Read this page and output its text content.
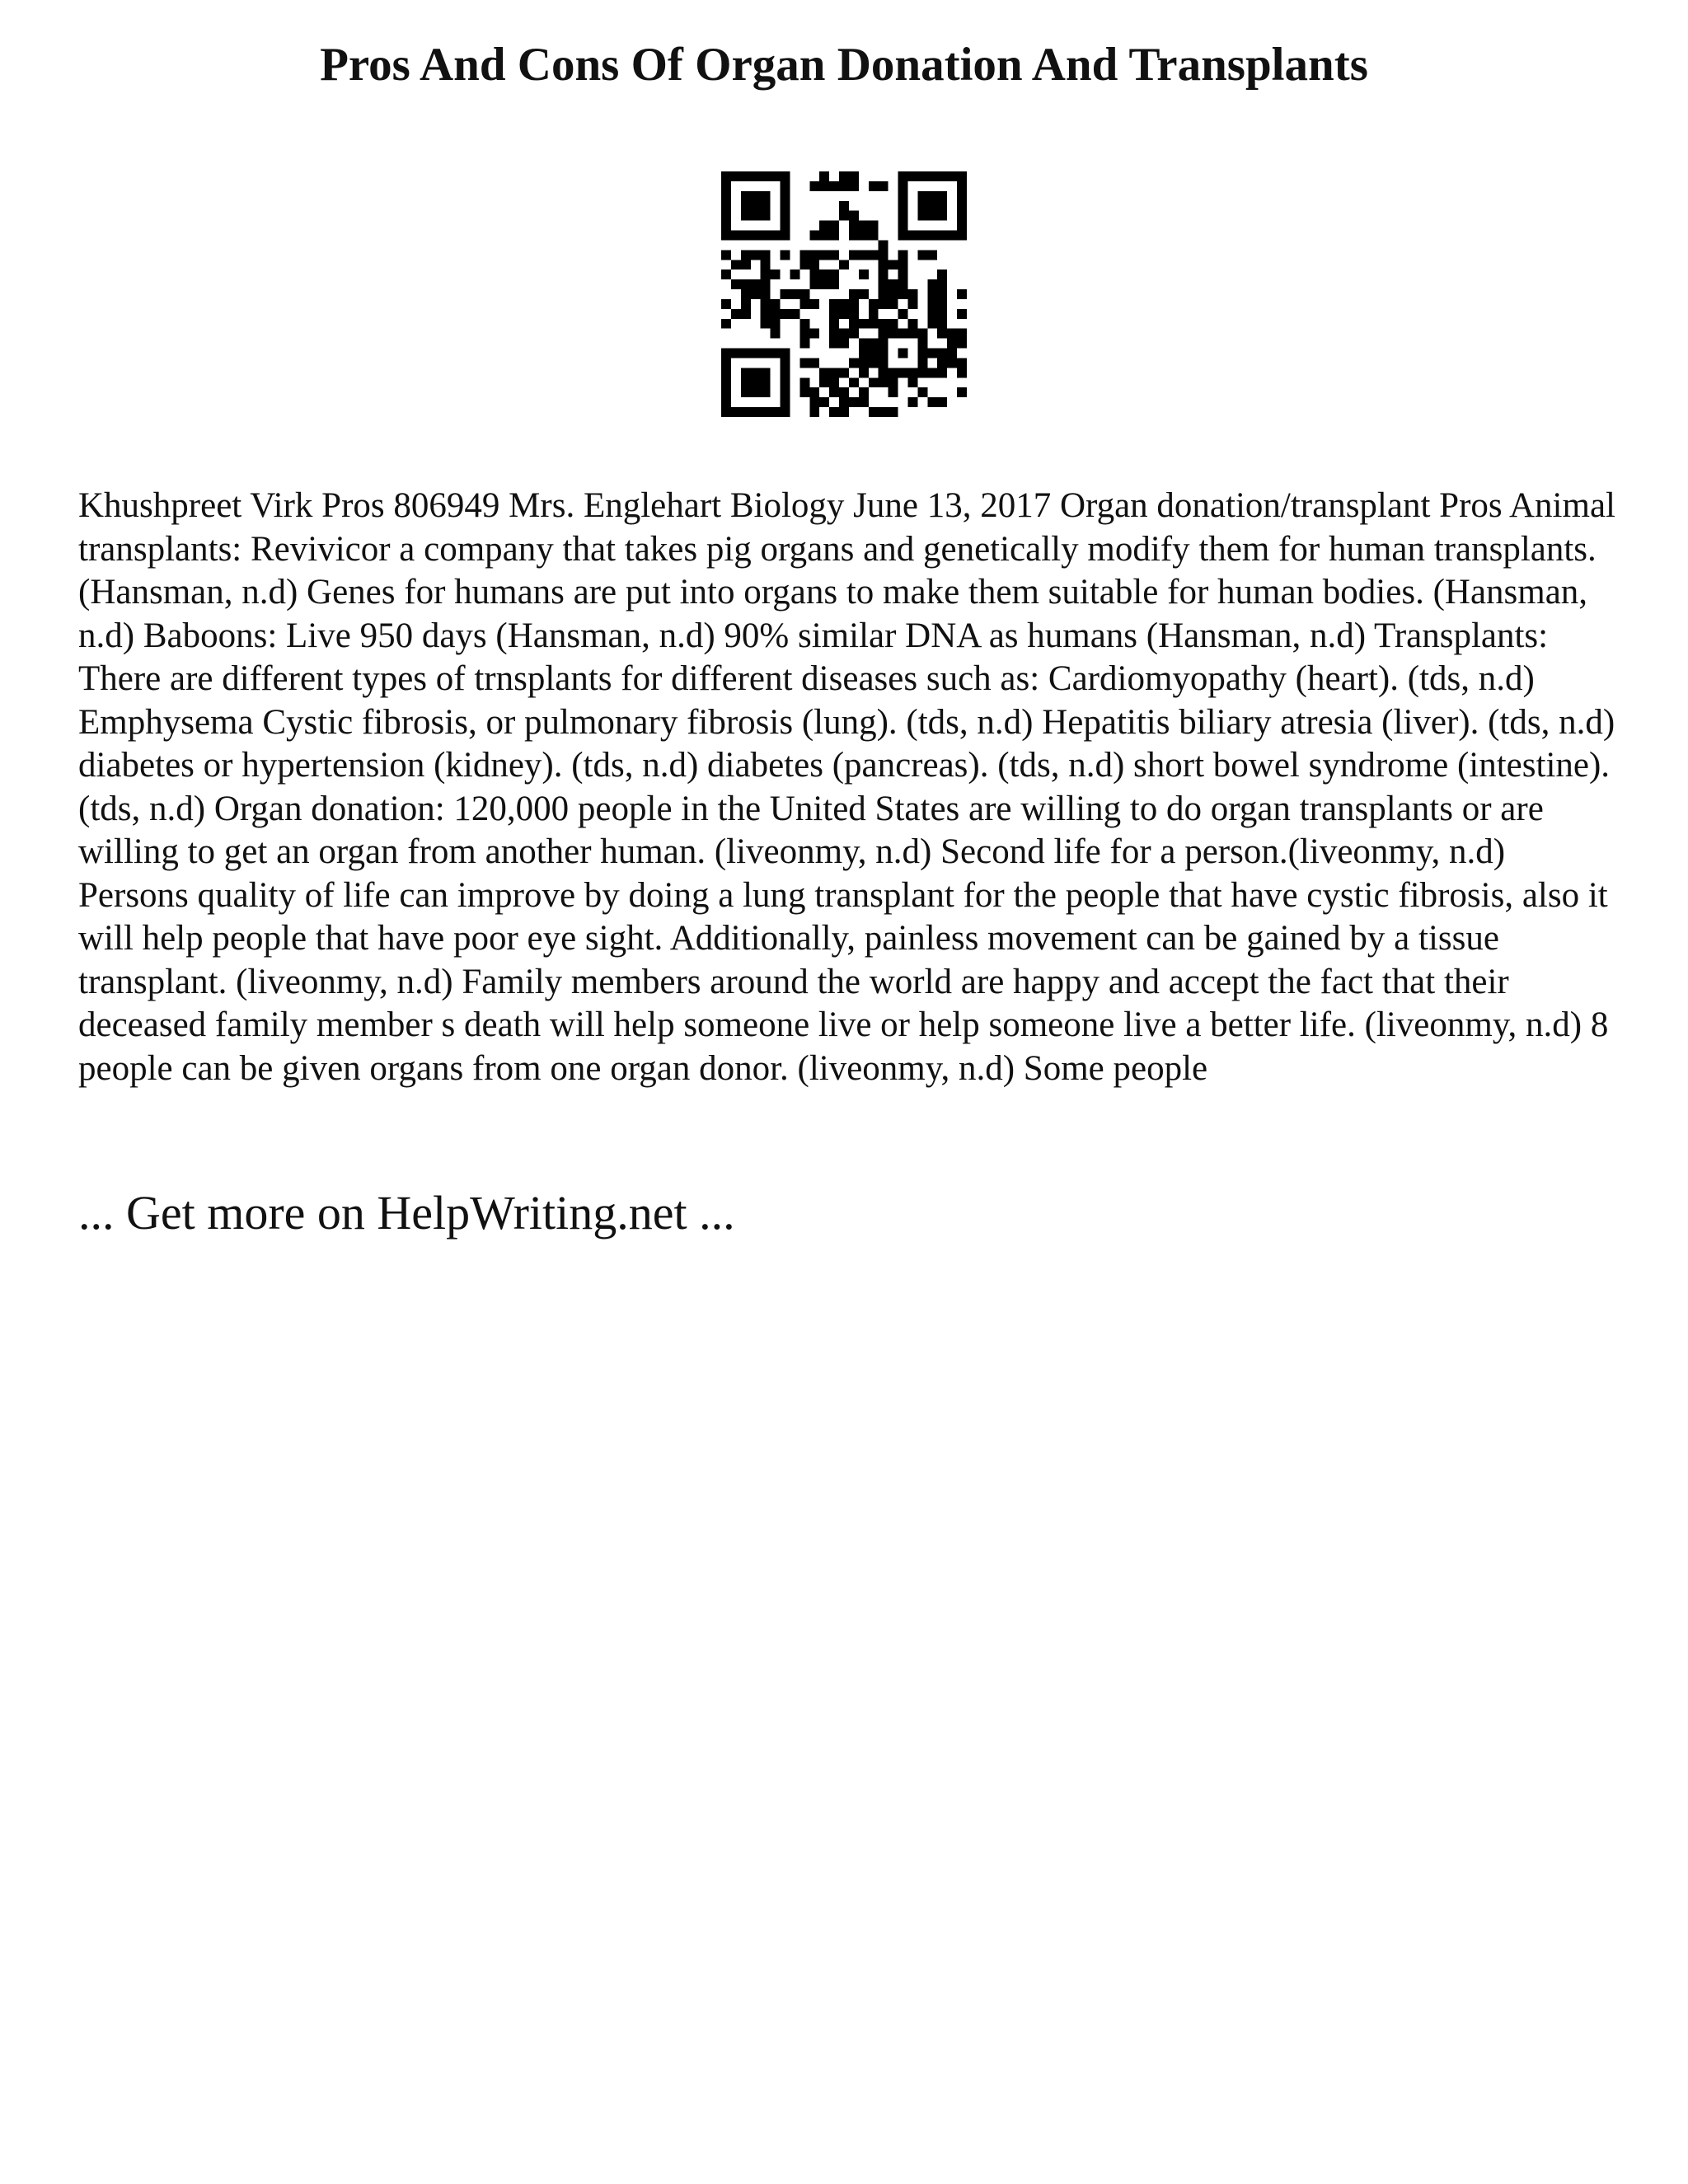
Pros And Cons Of Organ Donation And Transplants

Khushpreet Virk Pros 806949 Mrs. Englehart Biology June 13, 2017 Organ donation/transplant Pros Animal transplants: Revivicor a company that takes pig organs and genetically modify them for human transplants. (Hansman, n.d) Genes for humans are put into organs to make them suitable for human bodies. (Hansman, n.d) Baboons: Live 950 days (Hansman, n.d) 90% similar DNA as humans (Hansman, n.d) Transplants: There are different types of trnsplants for different diseases such as: Cardiomyopathy (heart). (tds, n.d) Emphysema Cystic fibrosis, or pulmonary fibrosis (lung). (tds, n.d) Hepatitis biliary atresia (liver). (tds, n.d) diabetes or hypertension (kidney). (tds, n.d) diabetes (pancreas). (tds, n.d) short bowel syndrome (intestine). (tds, n.d) Organ donation: 120,000 people in the United States are willing to do organ transplants or are willing to get an organ from another human. (liveonmy, n.d) Second life for a person.(liveonmy, n.d) Persons quality of life can improve by doing a lung transplant for the people that have cystic fibrosis, also it will help people that have poor eye sight. Additionally, painless movement can be gained by a tissue transplant. (liveonmy, n.d) Family members around the world are happy and accept the fact that their deceased family member s death will help someone live or help someone live a better life. (liveonmy, n.d) 8 people can be given organs from one organ donor. (liveonmy, n.d) Some people

... Get more on HelpWriting.net ...
